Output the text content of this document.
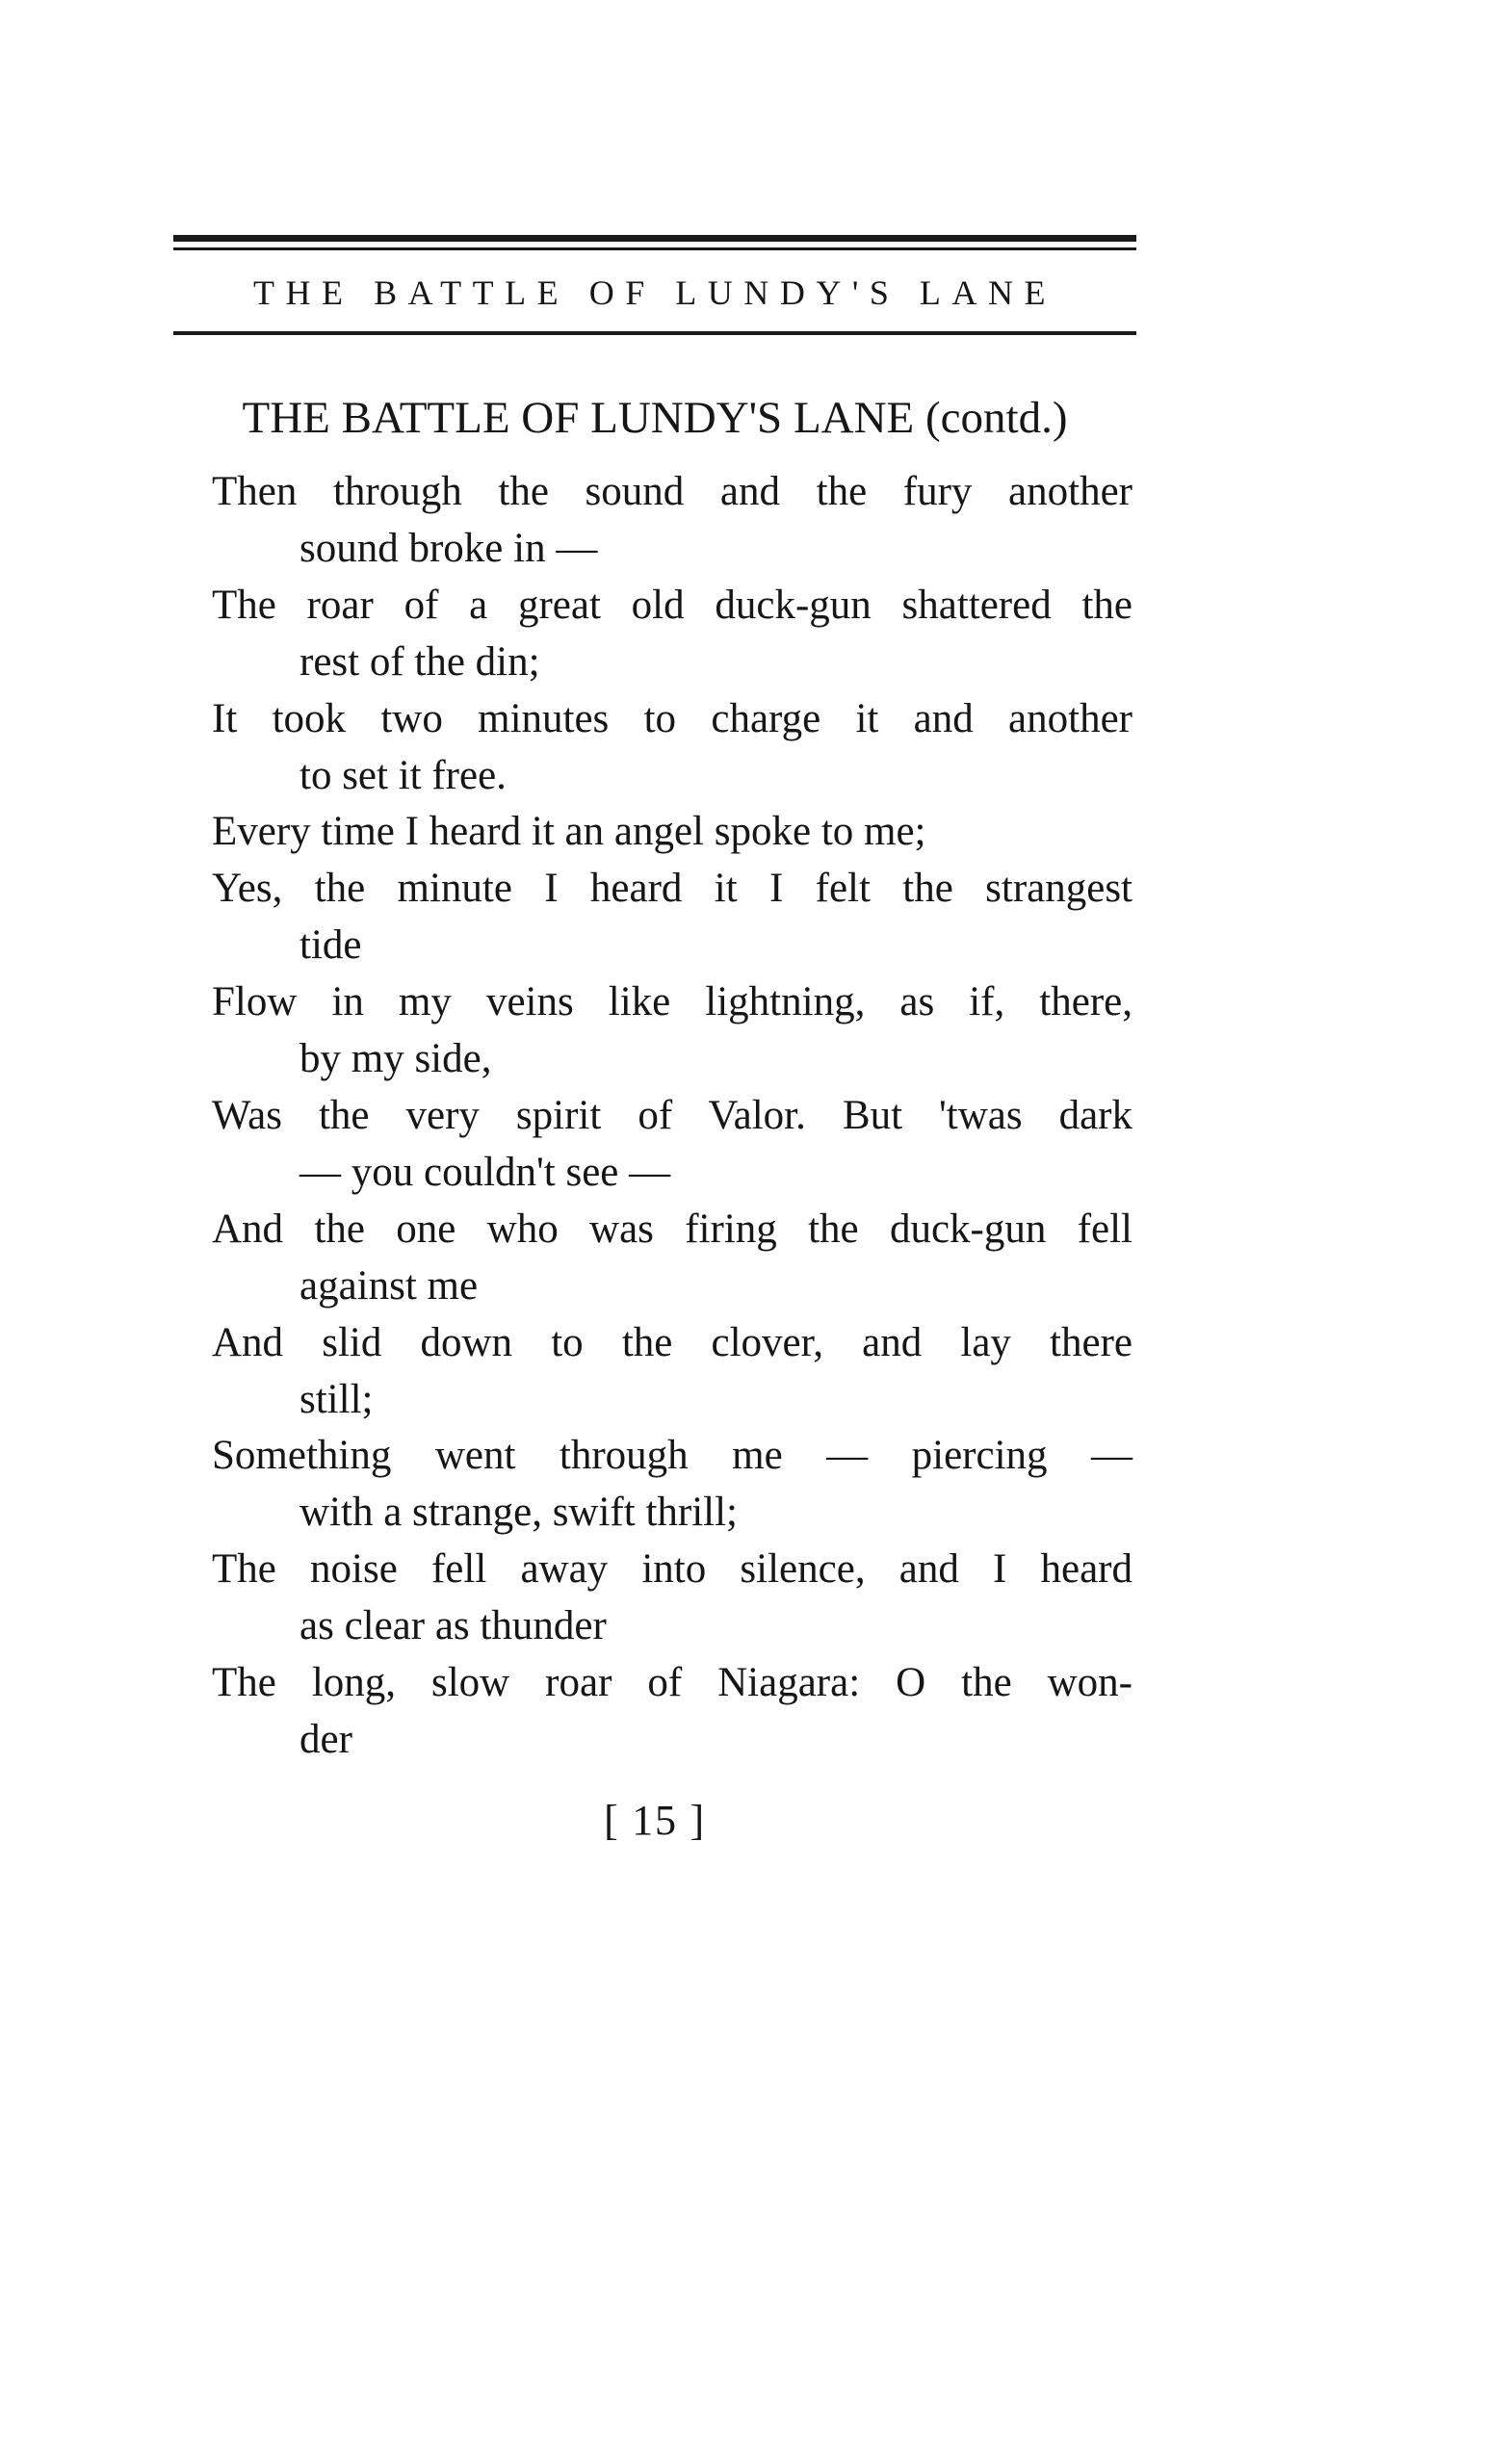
THE BATTLE OF LUNDY'S LANE
THE BATTLE OF LUNDY'S LANE (contd.)
Then through the sound and the fury another
sound broke in —
The roar of a great old duck-gun shattered the
rest of the din;
It took two minutes to charge it and another
to set it free.
Every time I heard it an angel spoke to me;
Yes, the minute I heard it I felt the strangest
tide
Flow in my veins like lightning, as if, there,
by my side,
Was the very spirit of Valor. But 'twas dark
— you couldn't see —
And the one who was firing the duck-gun fell
against me
And slid down to the clover, and lay there
still;
Something went through me — piercing —
with a strange, swift thrill;
The noise fell away into silence, and I heard
as clear as thunder
The long, slow roar of Niagara: O the won-
der
[ 15 ]
